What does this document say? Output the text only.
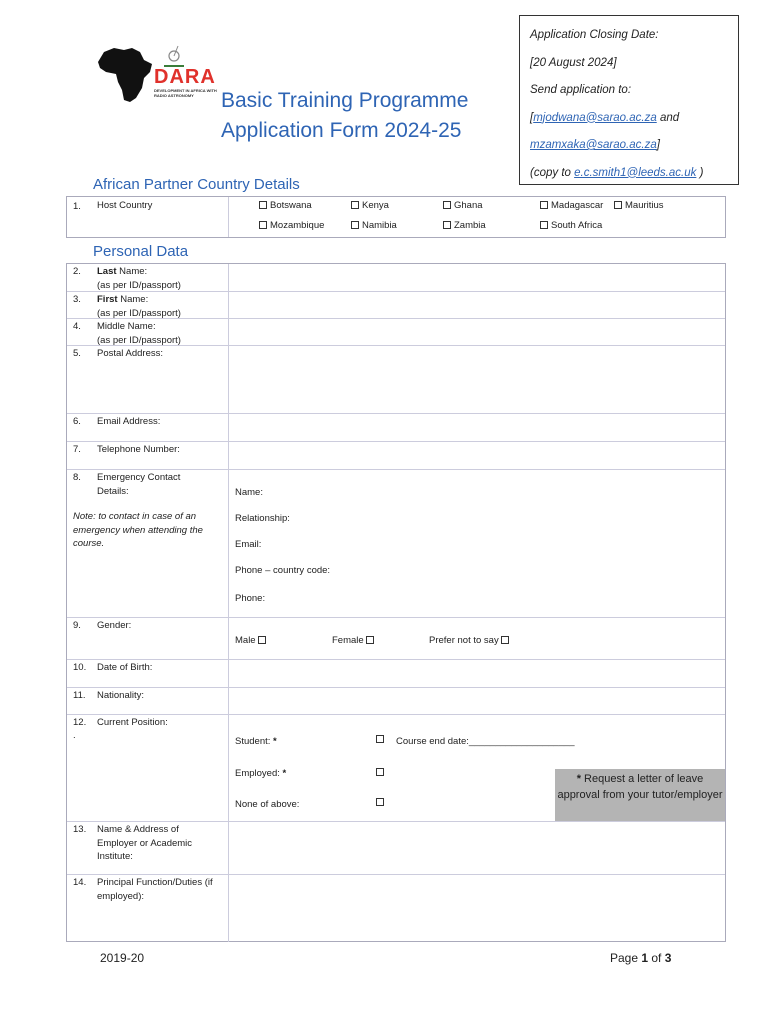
DARA
DEVELOPMENT IN AFRICA WITH RADIO ASTRONOMY	Basic Training Programme
Application Form 2024-25
Application Closing Date:
[20 August 2024]
Send application to:
[mjodwana@sarao.ac.za and
mzamxaka@sarao.ac.za]
(copy to e.c.smith1@leeds.ac.uk )
African Partner Country Details
1. Host Country	Botswana	Kenya	Ghana	Madagascar	Mauritius
Mozambique	Namibia	Zambia	South Africa
Personal Data
2. Last Name:
(as per ID/passport)
3. First Name:
(as per ID/passport)
4. Middle Name:
(as per ID/passport)
5. Postal Address:
6. Email Address:
7. Telephone Number:
8. Emergency Contact Details:
Note: to contact in case of an emergency when attending the course.
Name:
Relationship:
Email:
Phone – country code:
Phone:
9. Gender:
Male	Female	Prefer not to say
10. Date of Birth:
11. Nationality:
12. Current Position:
.
Student: *	Course end date:____________________
Employed: *
None of above:
13. Name & Address of Employer or Academic Institute:
14. Principal Function/Duties (if employed):
* Request a letter of leave approval from your tutor/employer
2019-20	Page 1 of 3
